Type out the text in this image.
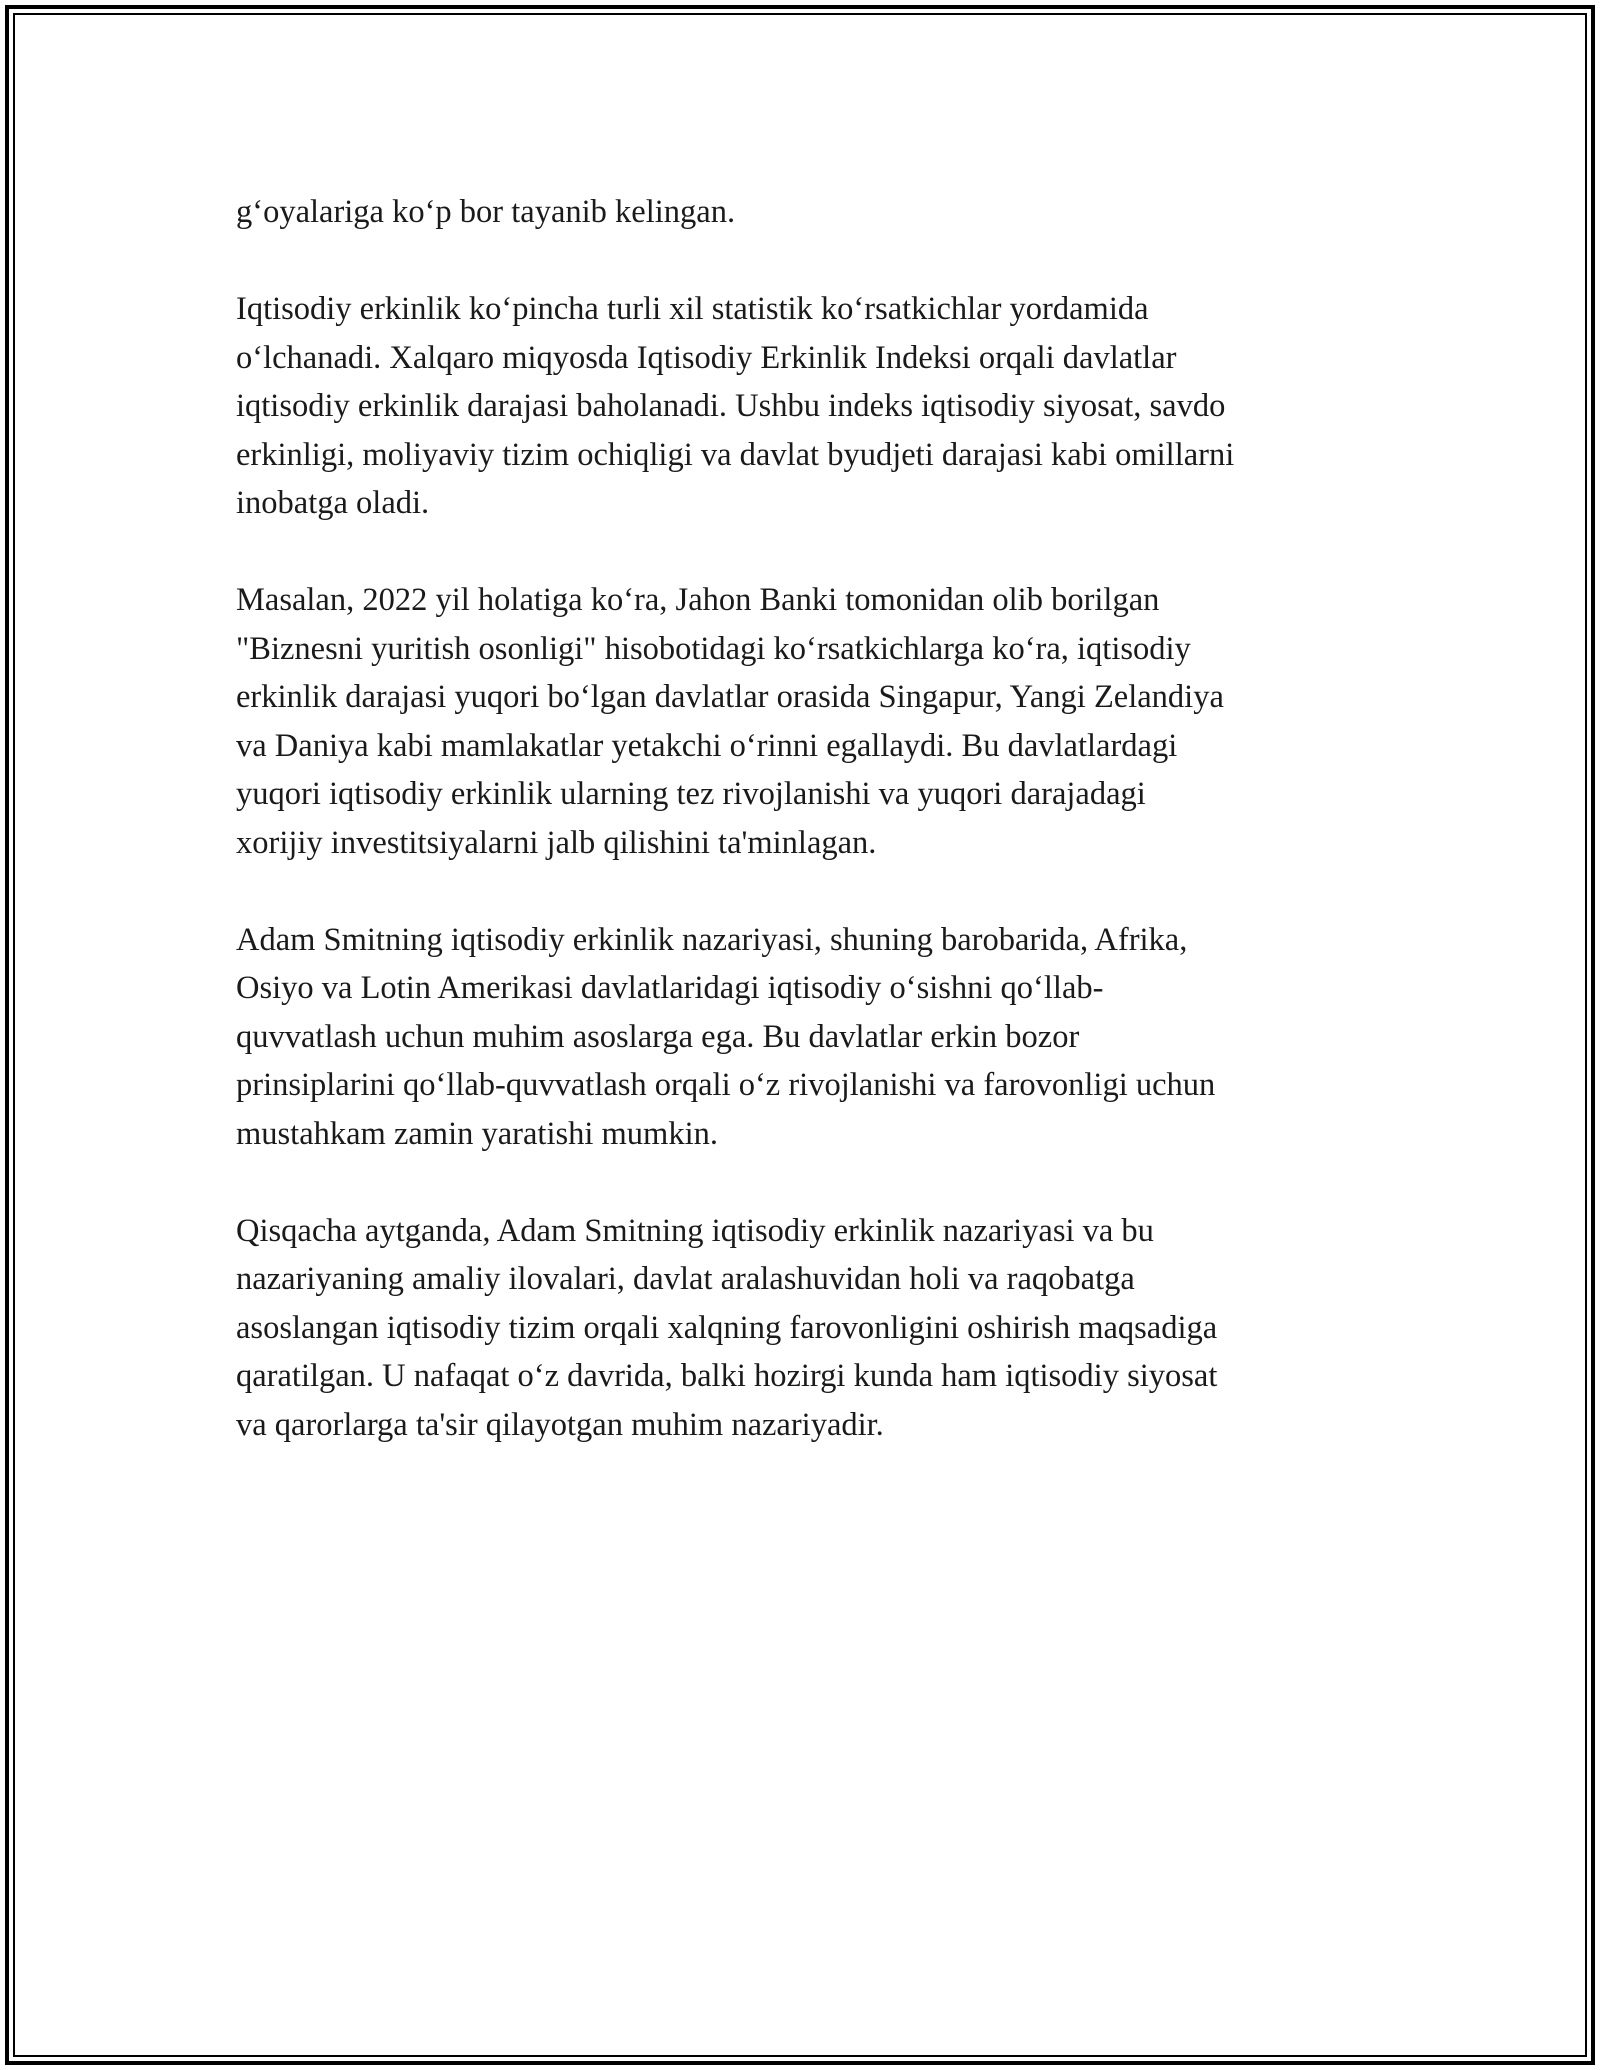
g‘oyalariga ko‘p bor tayanib kelingan.

Iqtisodiy erkinlik ko‘pincha turli xil statistik ko‘rsatkichlar yordamida
o‘lchanadi. Xalqaro miqyosda Iqtisodiy Erkinlik Indeksi orqali davlatlar
iqtisodiy erkinlik darajasi baholanadi. Ushbu indeks iqtisodiy siyosat, savdo
erkinligi, moliyaviy tizim ochiqligi va davlat byudjeti darajasi kabi omillarni
inobatga oladi.

Masalan, 2022 yil holatiga ko‘ra, Jahon Banki tomonidan olib borilgan
"Biznesni yuritish osonligi" hisobotidagi ko‘rsatkichlarga ko‘ra, iqtisodiy
erkinlik darajasi yuqori bo‘lgan davlatlar orasida Singapur, Yangi Zelandiya
va Daniya kabi mamlakatlar yetakchi o‘rinni egallaydi. Bu davlatlardagi
yuqori iqtisodiy erkinlik ularning tez rivojlanishi va yuqori darajadagi
xorijiy investitsiyalarni jalb qilishini ta'minlagan.

Adam Smitning iqtisodiy erkinlik nazariyasi, shuning barobarida, Afrika,
Osiyo va Lotin Amerikasi davlatlaridagi iqtisodiy o‘sishni qo‘llab-
quvvatlash uchun muhim asoslarga ega. Bu davlatlar erkin bozor
prinsiplarini qo‘llab-quvvatlash orqali o‘z rivojlanishi va farovonligi uchun
mustahkam zamin yaratishi mumkin.

Qisqacha aytganda, Adam Smitning iqtisodiy erkinlik nazariyasi va bu
nazariyaning amaliy ilovalari, davlat aralashuvidan holi va raqobatga
asoslangan iqtisodiy tizim orqali xalqning farovonligini oshirish maqsadiga
qaratilgan. U nafaqat o‘z davrida, balki hozirgi kunda ham iqtisodiy siyosat
va qarorlarga ta'sir qilayotgan muhim nazariyadir.
